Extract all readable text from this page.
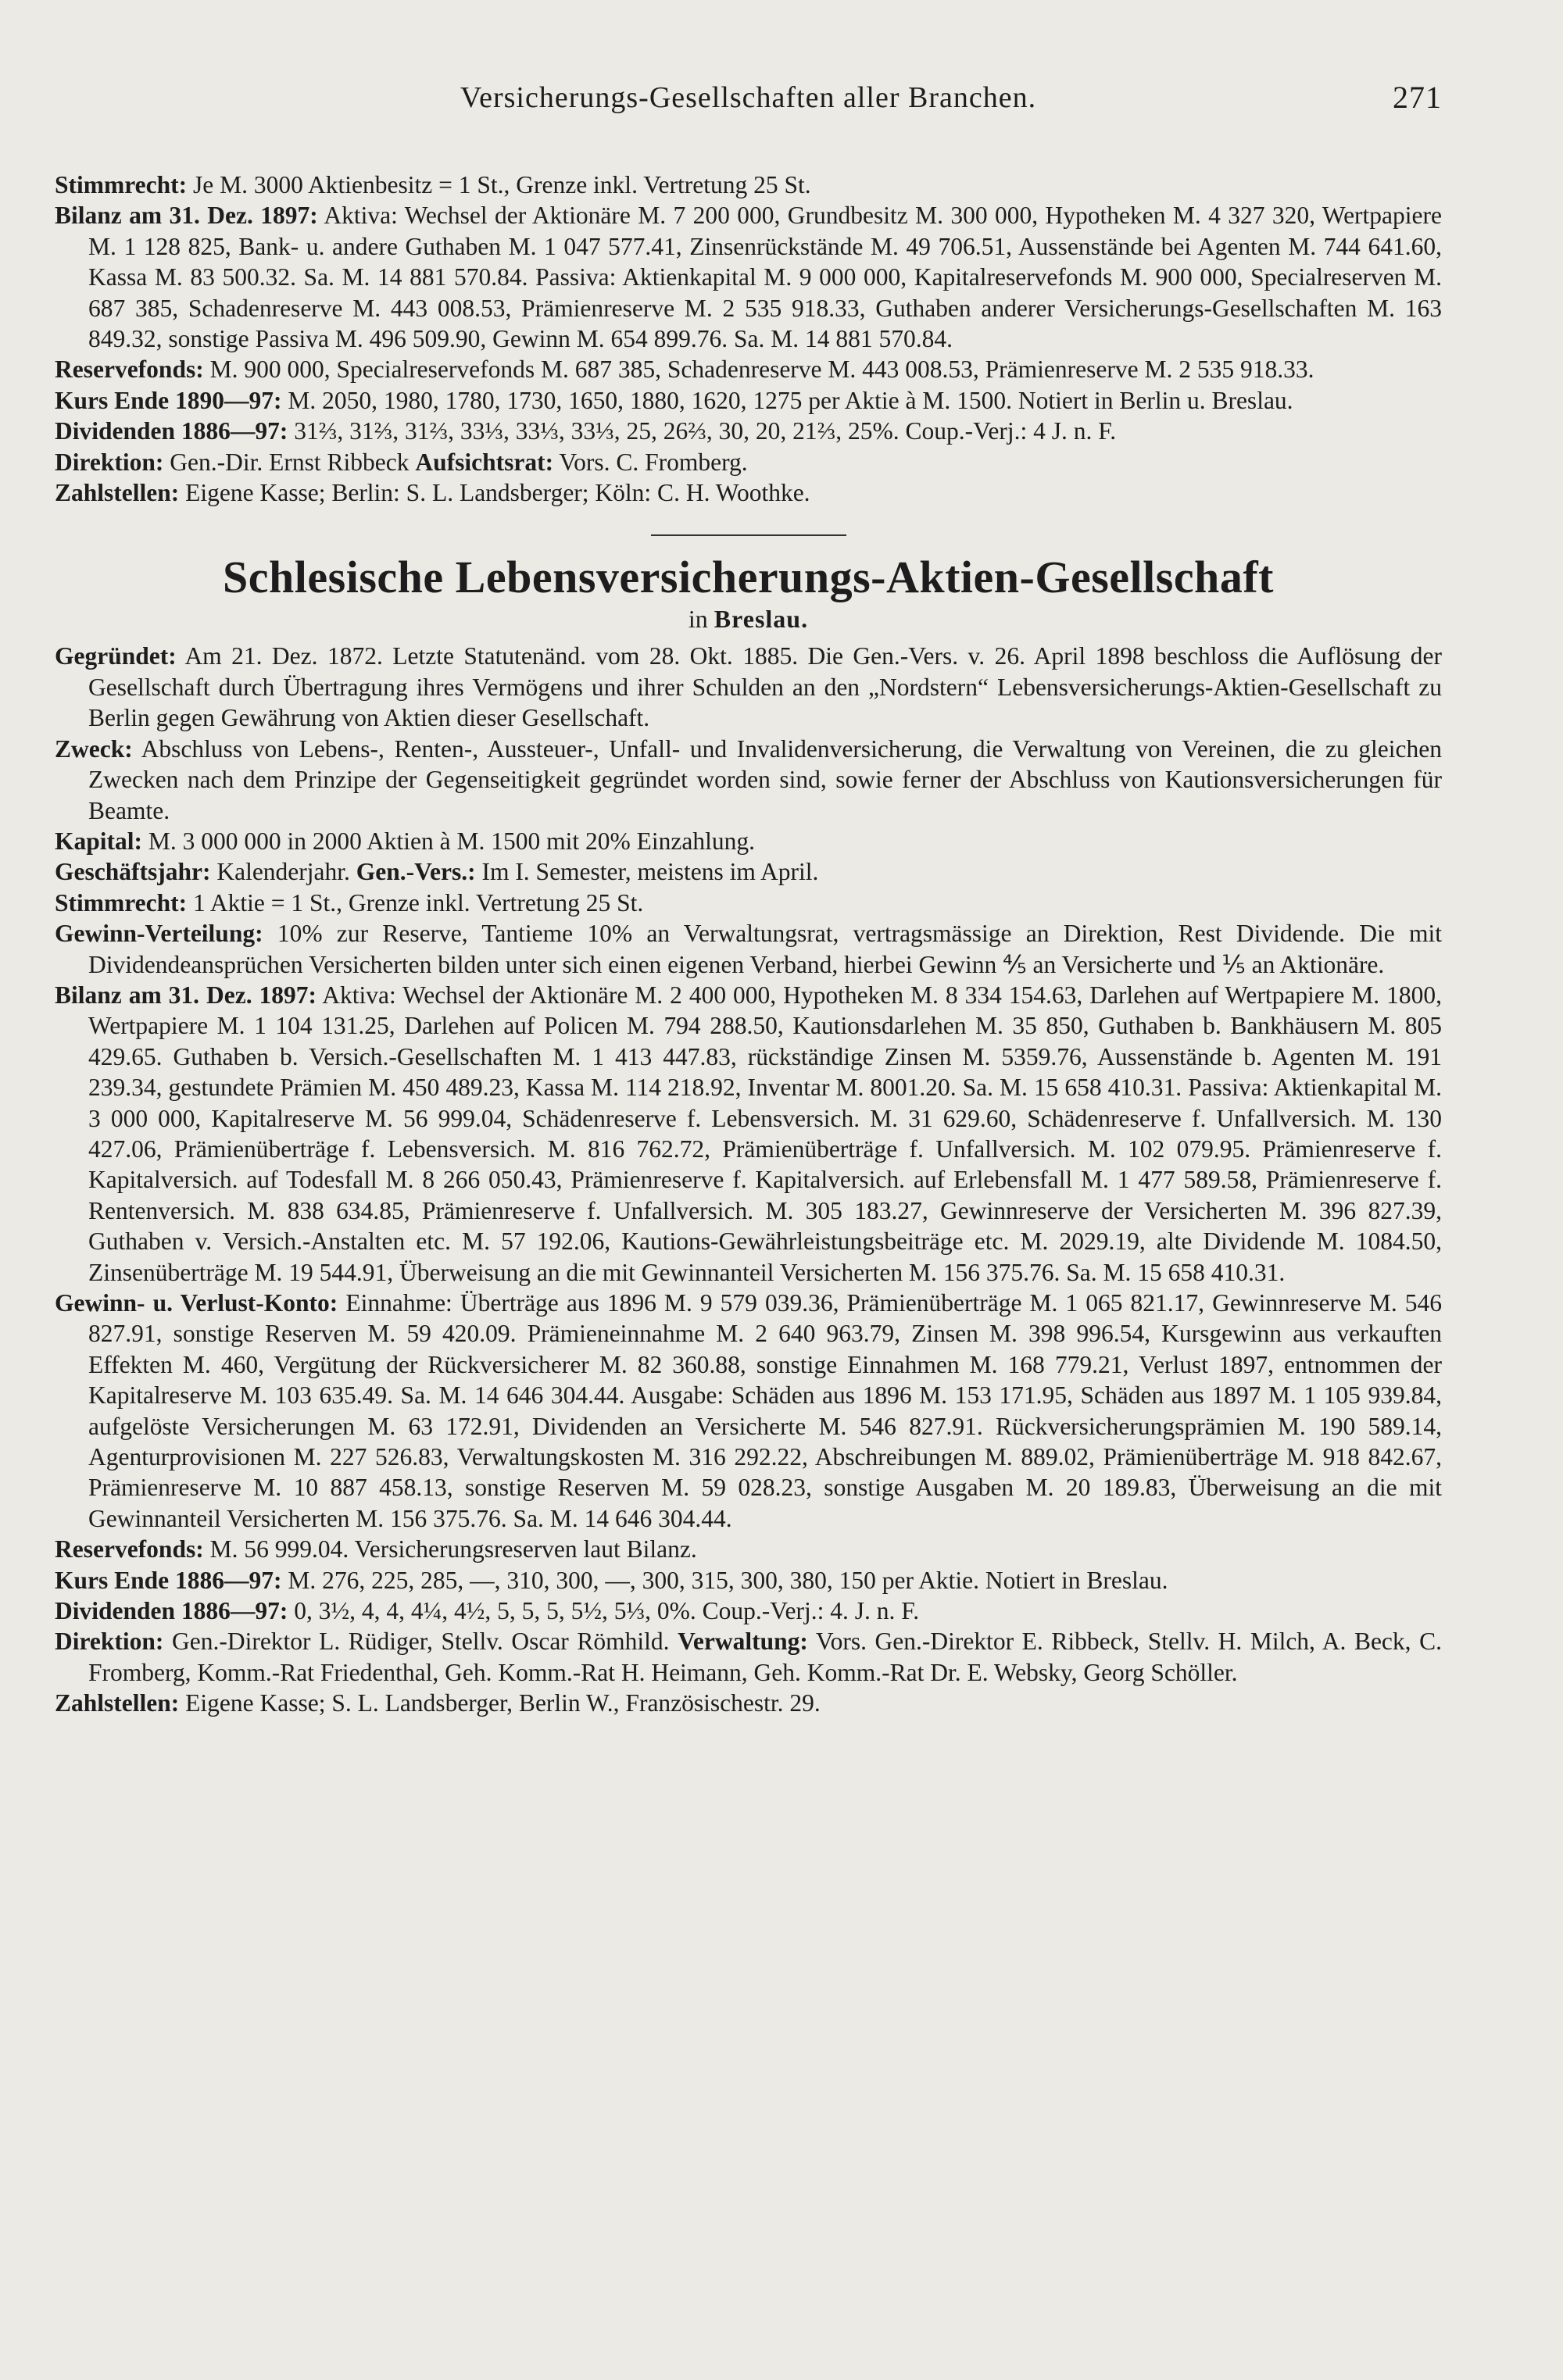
Versicherungs-Gesellschaften aller Branchen.	271

Stimmrecht: Je M. 3000 Aktienbesitz = 1 St., Grenze inkl. Vertretung 25 St.

Bilanz am 31. Dez. 1897: Aktiva: Wechsel der Aktionäre M. 7 200 000, Grundbesitz M. 300 000, Hypotheken M. 4 327 320, Wertpapiere M. 1 128 825, Bank- u. andere Guthaben M. 1 047 577.41, Zinsenrückstände M. 49 706.51, Aussenstände bei Agenten M. 744 641.60, Kassa M. 83 500.32. Sa. M. 14 881 570.84. Passiva: Aktienkapital M. 9 000 000, Kapitalreservefonds M. 900 000, Specialreserven M. 687 385, Schadenreserve M. 443 008.53, Prämienreserve M. 2 535 918.33, Guthaben anderer Versicherungs-Gesellschaften M. 163 849.32, sonstige Passiva M. 496 509.90, Gewinn M. 654 899.76. Sa. M. 14 881 570.84.

Reservefonds: M. 900 000, Specialreservefonds M. 687 385, Schadenreserve M. 443 008.53, Prämienreserve M. 2 535 918.33.

Kurs Ende 1890—97: M. 2050, 1980, 1780, 1730, 1650, 1880, 1620, 1275 per Aktie à M. 1500. Notiert in Berlin u. Breslau.

Dividenden 1886—97: 31⅔, 31⅔, 31⅔, 33⅓, 33⅓, 33⅓, 25, 26⅔, 30, 20, 21⅔, 25%. Coup.-Verj.: 4 J. n. F.

Direktion: Gen.-Dir. Ernst Ribbeck Aufsichtsrat: Vors. C. Fromberg.

Zahlstellen: Eigene Kasse; Berlin: S. L. Landsberger; Köln: C. H. Woothke.

Schlesische Lebensversicherungs-Aktien-Gesellschaft
in Breslau.

Gegründet: Am 21. Dez. 1872. Letzte Statutenänd. vom 28. Okt. 1885. Die Gen.-Vers. v. 26. April 1898 beschloss die Auflösung der Gesellschaft durch Übertragung ihres Vermögens und ihrer Schulden an den „Nordstern“ Lebensversicherungs-Aktien-Gesellschaft zu Berlin gegen Gewährung von Aktien dieser Gesellschaft.

Zweck: Abschluss von Lebens-, Renten-, Aussteuer-, Unfall- und Invalidenversicherung, die Verwaltung von Vereinen, die zu gleichen Zwecken nach dem Prinzipe der Gegenseitigkeit gegründet worden sind, sowie ferner der Abschluss von Kautionsversicherungen für Beamte.

Kapital: M. 3 000 000 in 2000 Aktien à M. 1500 mit 20% Einzahlung.

Geschäftsjahr: Kalenderjahr. Gen.-Vers.: Im I. Semester, meistens im April.

Stimmrecht: 1 Aktie = 1 St., Grenze inkl. Vertretung 25 St.

Gewinn-Verteilung: 10% zur Reserve, Tantieme 10% an Verwaltungsrat, vertragsmässige an Direktion, Rest Dividende. Die mit Dividendeansprüchen Versicherten bilden unter sich einen eigenen Verband, hierbei Gewinn ⅘ an Versicherte und ⅕ an Aktionäre.

Bilanz am 31. Dez. 1897: Aktiva: Wechsel der Aktionäre M. 2 400 000, Hypotheken M. 8 334 154.63, Darlehen auf Wertpapiere M. 1800, Wertpapiere M. 1 104 131.25, Darlehen auf Policen M. 794 288.50, Kautionsdarlehen M. 35 850, Guthaben b. Bankhäusern M. 805 429.65. Guthaben b. Versich.-Gesellschaften M. 1 413 447.83, rückständige Zinsen M. 5359.76, Aussenstände b. Agenten M. 191 239.34, gestundete Prämien M. 450 489.23, Kassa M. 114 218.92, Inventar M. 8001.20. Sa. M. 15 658 410.31. Passiva: Aktienkapital M. 3 000 000, Kapitalreserve M. 56 999.04, Schädenreserve f. Lebensversich. M. 31 629.60, Schädenreserve f. Unfallversich. M. 130 427.06, Prämienüberträge f. Lebensversich. M. 816 762.72, Prämienüberträge f. Unfallversich. M. 102 079.95. Prämienreserve f. Kapitalversich. auf Todesfall M. 8 266 050.43, Prämienreserve f. Kapitalversich. auf Erlebensfall M. 1 477 589.58, Prämienreserve f. Rentenversich. M. 838 634.85, Prämienreserve f. Unfallversich. M. 305 183.27, Gewinnreserve der Versicherten M. 396 827.39, Guthaben v. Versich.-Anstalten etc. M. 57 192.06, Kautions-Gewährleistungsbeiträge etc. M. 2029.19, alte Dividende M. 1084.50, Zinsenüberträge M. 19 544.91, Überweisung an die mit Gewinnanteil Versicherten M. 156 375.76. Sa. M. 15 658 410.31.

Gewinn- u. Verlust-Konto: Einnahme: Überträge aus 1896 M. 9 579 039.36, Prämienüberträge M. 1 065 821.17, Gewinnreserve M. 546 827.91, sonstige Reserven M. 59 420.09. Prämieneinnahme M. 2 640 963.79, Zinsen M. 398 996.54, Kursgewinn aus verkauften Effekten M. 460, Vergütung der Rückversicherer M. 82 360.88, sonstige Einnahmen M. 168 779.21, Verlust 1897, entnommen der Kapitalreserve M. 103 635.49. Sa. M. 14 646 304.44. Ausgabe: Schäden aus 1896 M. 153 171.95, Schäden aus 1897 M. 1 105 939.84, aufgelöste Versicherungen M. 63 172.91, Dividenden an Versicherte M. 546 827.91. Rückversicherungsprämien M. 190 589.14, Agenturprovisionen M. 227 526.83, Verwaltungskosten M. 316 292.22, Abschreibungen M. 889.02, Prämienüberträge M. 918 842.67, Prämienreserve M. 10 887 458.13, sonstige Reserven M. 59 028.23, sonstige Ausgaben M. 20 189.83, Überweisung an die mit Gewinnanteil Versicherten M. 156 375.76. Sa. M. 14 646 304.44.

Reservefonds: M. 56 999.04. Versicherungsreserven laut Bilanz.

Kurs Ende 1886—97: M. 276, 225, 285, —, 310, 300, —, 300, 315, 300, 380, 150 per Aktie. Notiert in Breslau.

Dividenden 1886—97: 0, 3½, 4, 4, 4¼, 4½, 5, 5, 5, 5½, 5⅓, 0%. Coup.-Verj.: 4. J. n. F.

Direktion: Gen.-Direktor L. Rüdiger, Stellv. Oscar Römhild. Verwaltung: Vors. Gen.-Direktor E. Ribbeck, Stellv. H. Milch, A. Beck, C. Fromberg, Komm.-Rat Friedenthal, Geh. Komm.-Rat H. Heimann, Geh. Komm.-Rat Dr. E. Websky, Georg Schöller.

Zahlstellen: Eigene Kasse; S. L. Landsberger, Berlin W., Französischestr. 29.
